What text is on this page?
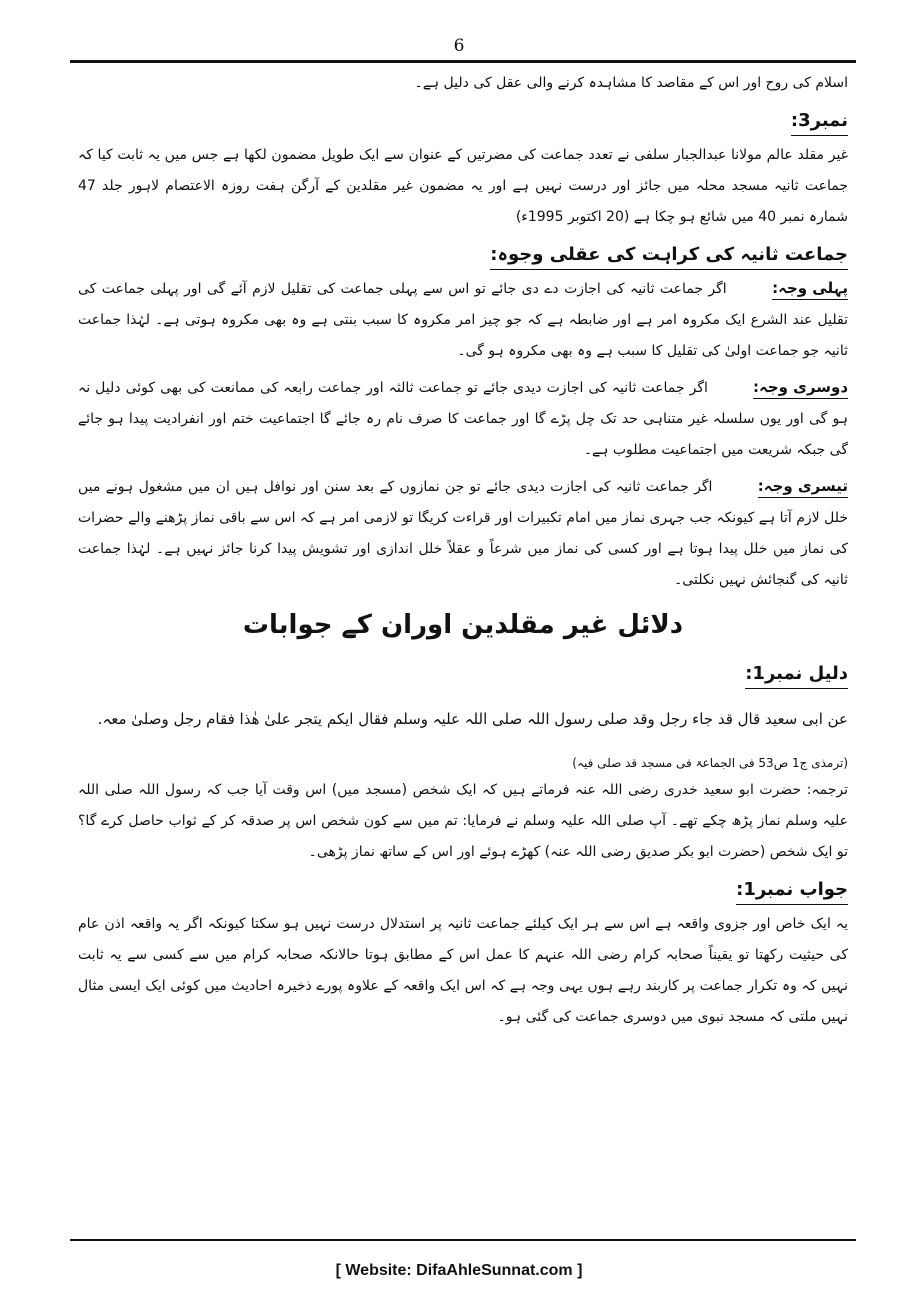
6

اسلام کی روح اور اس کے مقاصد کا مشاہدہ کرنے والی عقل کی دلیل ہے۔

نمبر3:

غیر مقلد عالم مولانا عبدالجبار سلفی نے تعدد جماعت کی مضرتیں کے عنوان سے ایک طویل مضمون لکھا ہے جس میں یہ ثابت کیا کہ جماعت ثانیہ مسجد محلہ میں جائز اور درست نہیں ہے اور یہ مضمون غیر مقلدین کے آرگن ہفت روزہ الاعتصام لاہور جلد 47 شمارہ نمبر 40 میں شائع ہو چکا ہے (20 اکتوبر 1995ء)

جماعت ثانیہ کی کراہت کی عقلی وجوہ:

پہلی وجہ: اگر جماعت ثانیہ کی اجازت دے دی جائے تو اس سے پہلی جماعت کی تقلیل لازم آئے گی اور پہلی جماعت کی تقلیل عند الشرع ایک مکروہ امر ہے اور ضابطہ ہے کہ جو چیز امر مکروہ کا سبب بنتی ہے وہ بھی مکروہ ہوتی ہے۔ لہٰذا جماعت ثانیہ جو جماعت اولیٰ کی تقلیل کا سبب ہے وہ بھی مکروہ ہو گی۔

دوسری وجہ: اگر جماعت ثانیہ کی اجازت دیدی جائے تو جماعت ثالثہ اور جماعت رابعہ کی ممانعت کی بھی کوئی دلیل نہ ہو گی اور یوں سلسلہ غیر متناہی حد تک چل پڑے گا اور جماعت کا صرف نام رہ جائے گا اجتماعیت ختم اور انفرادیت پیدا ہو جائے گی جبکہ شریعت میں اجتماعیت مطلوب ہے۔

تیسری وجہ: اگر جماعت ثانیہ کی اجازت دیدی جائے تو جن نمازوں کے بعد سنن اور نوافل ہیں ان میں مشغول ہونے میں خلل لازم آتا ہے کیونکہ جب جہری نماز میں امام تکبیرات اور قراءت کریگا تو لازمی امر ہے کہ اس سے باقی نماز پڑھنے والے حضرات کی نماز میں خلل پیدا ہوتا ہے اور کسی کی نماز میں شرعاً و عقلاً خلل اندازی اور تشویش پیدا کرنا جائز نہیں ہے۔ لہٰذا جماعت ثانیہ کی گنجائش نہیں نکلتی۔

دلائل غیر مقلدین اوران کے جوابات
دلیل نمبر1:

عن ابی سعید قال قد جاء رجل وقد صلی رسول اللہ صلی اللہ علیہ وسلم فقال ایکم یتجر علیٰ ھٰذا فقام رجل وصلیٰ معہ.

(ترمذی ج1 ص53 فی الجماعۃ فی مسجد قد صلی فیہ)

ترجمہ: حضرت ابو سعید خدری رضی اللہ عنہ فرماتے ہیں کہ ایک شخص (مسجد میں) اس وقت آیا جب کہ رسول اللہ صلی اللہ علیہ وسلم نماز پڑھ چکے تھے۔ آپ صلی اللہ علیہ وسلم نے فرمایا: تم میں سے کون شخص اس پر صدقہ کر کے ثواب حاصل کرے گا؟ تو ایک شخص (حضرت ابو بکر صدیق رضی اللہ عنہ) کھڑے ہوئے اور اس کے ساتھ نماز پڑھی۔

جواب نمبر1:

یہ ایک خاص اور جزوی واقعہ ہے اس سے ہر ایک کیلئے جماعت ثانیہ پر استدلال درست نہیں ہو سکتا کیونکہ اگر یہ واقعہ اذن عام کی حیثیت رکھتا تو یقیناً صحابہ کرام رضی اللہ عنہم کا عمل اس کے مطابق ہوتا حالانکہ صحابہ کرام میں سے کسی سے یہ ثابت نہیں کہ وہ تکرار جماعت پر کاربند رہے ہوں یہی وجہ ہے کہ اس ایک واقعہ کے علاوہ پورے ذخیرہ احادیث میں کوئی ایک ایسی مثال نہیں ملتی کہ مسجد نبوی میں دوسری جماعت کی گئی ہو۔

[ Website: DifaAhleSunnat.com ]
